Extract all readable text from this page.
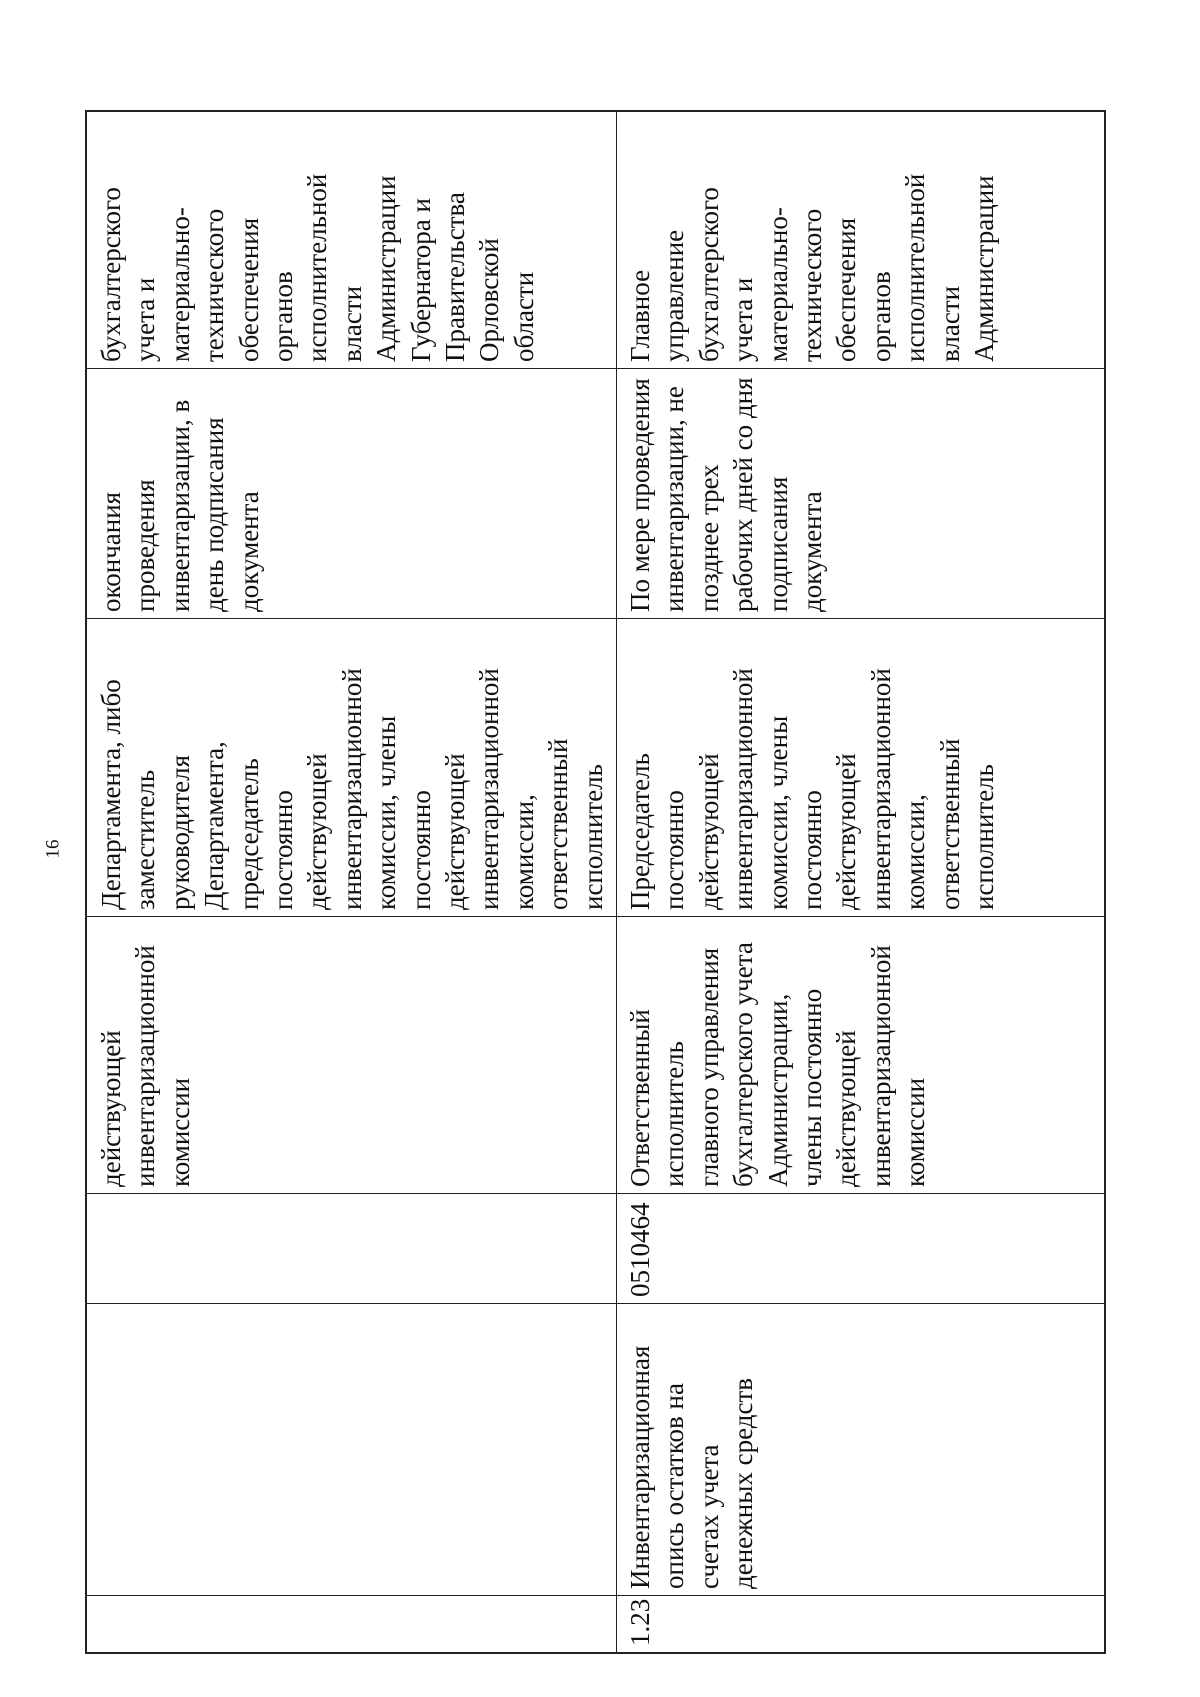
16
действующей инвентаризационной комиссии
Департамента, либо заместитель руководителя Департамента, председатель постоянно действующей инвентаризационной комиссии, члены постоянно действующей инвентаризационной комиссии, ответственный исполнитель
окончания проведения инвентаризации, в день подписания документа
бухгалтерского учета и материально- технического обеспечения органов исполнительной власти Администрации Губернатора и Правительства Орловской области
1.23
Инвентаризационная опись остатков на счетах учета денежных средств
0510464
Ответственный исполнитель главного управления бухгалтерского учета Администрации, члены постоянно действующей инвентаризационной комиссии
Председатель постоянно действующей инвентаризационной комиссии, члены постоянно действующей инвентаризационной комиссии, ответственный исполнитель
По мере проведения инвентаризации, не позднее трех рабочих дней со дня подписания документа
Главное управление бухгалтерского учета и материально- технического обеспечения органов исполнительной власти Администрации
